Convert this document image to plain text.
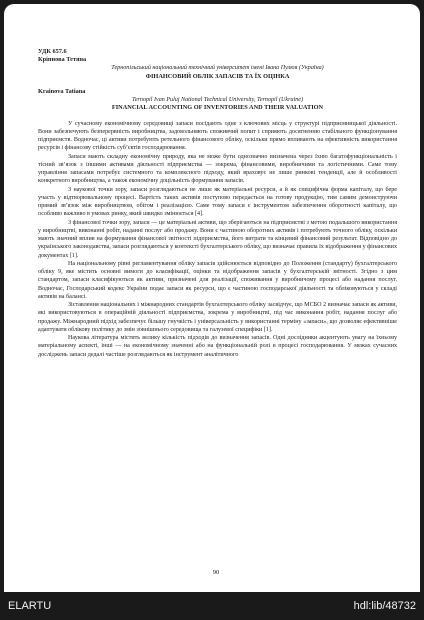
УДК 657.6

Кріпнова Тетяна

Тернопільський національний технічний університет імені Івана Пулюя (Україна)

ФІНАНСОВИЙ ОБЛІК ЗАПАСІВ ТА ЇХ ОЦІНКА

Krainova Tatiana

Ternopil Ivan Puluj National Technical University, Ternopil (Ukraine)

FINANCIAL ACCOUNTING OF INVENTORIES AND THEIR VALUATION

У сучасному економічному середовищі запаси посідають одне з ключових місць у структурі підприємницької діяльності. Вони забезпечують безперервність виробництва, задовольняють споживчий попит і сприяють досягненню стабільного функціонування підприємств. Водночас, ці активи потребують ретельного фінансового обліку, оскільки прямо впливають на ефективність використання ресурсів і фінансову стійкість суб’єктів господарювання.

Запаси мають складну економічну природу, яка не може бути однозначно визначена через їхню багатофункціональність і тісний зв’язок з іншими активами діяльності підприємства — зокрема, фінансовими, виробничими та логістичними. Саме тому управління запасами потребує системного та комплексного підходу, який враховує не лише ринкові тенденції, але й особливості конкретного виробництва, а також економічну доцільність формування запасів.

З наукової точки зору, запаси розглядаються не лише як матеріальні ресурси, а й як специфічна форма капіталу, що бере участь у відтворювальному процесі. Вартість таких активів поступово передається на готову продукцію, тим самим демонструючи прямий зв’язок між виробництвом, обігом і реалізацією. Саме тому запаси є інструментом забезпечення оборотності капіталу, що особливо важливо в умовах ринку, який швидко змінюється [4].

З фінансової точки зору, запаси — це матеріальні активи, що зберігаються на підприємстві з метою подальшого використання у виробництві, виконанні робіт, наданні послуг або продажу. Вони є частиною оборотних активів і потребують точного обліку, оскільки мають значний вплив на формування фінансової звітності підприємства, його витрати та кінцевий фінансовий результат. Відповідно до українського законодавства, запаси розглядаються у контексті бухгалтерського обліку, що визначає правила їх відображення у фінансових документах [1].

На національному рівні регламентування обліку запасів здійснюється відповідно до Положення (стандарту) бухгалтерського обліку 9, яке містить основні вимоги до класифікації, оцінки та відображення запасів у бухгалтерській звітності. Згідно з цим стандартом, запаси класифікуються як активи, призначені для реалізації, споживання у виробничому процесі або надання послуг. Водночас, Господарський кодекс України подає запаси як ресурси, що є частиною господарської діяльності та обліковуються у складі активів на балансі.

Зіставлення національних і міжнародних стандартів бухгалтерського обліку засвідчує, що МСБО 2 визначає запаси як активи, які використовуються в операційній діяльності підприємства, зокрема у виробництві, під час виконання робіт, надання послуг або продажу. Міжнародний підхід забезпечує більшу гнучкість і універсальність у використанні терміну «запаси», що дозволяє ефективніше адаптувати облікову політику до змін зовнішнього середовища та галузевої специфіки [1].

Наукова література містить велику кількість підходів до визначення запасів. Одні дослідники акцентують увагу на їхньому матеріальному аспекті, інші — на економічному значенні або на функціональній ролі в процесі господарювання. У межах сучасних досліджень запаси дедалі частіше розглядаються як інструмент аналітичного

90
ELARTU	hdl:lib/48732
